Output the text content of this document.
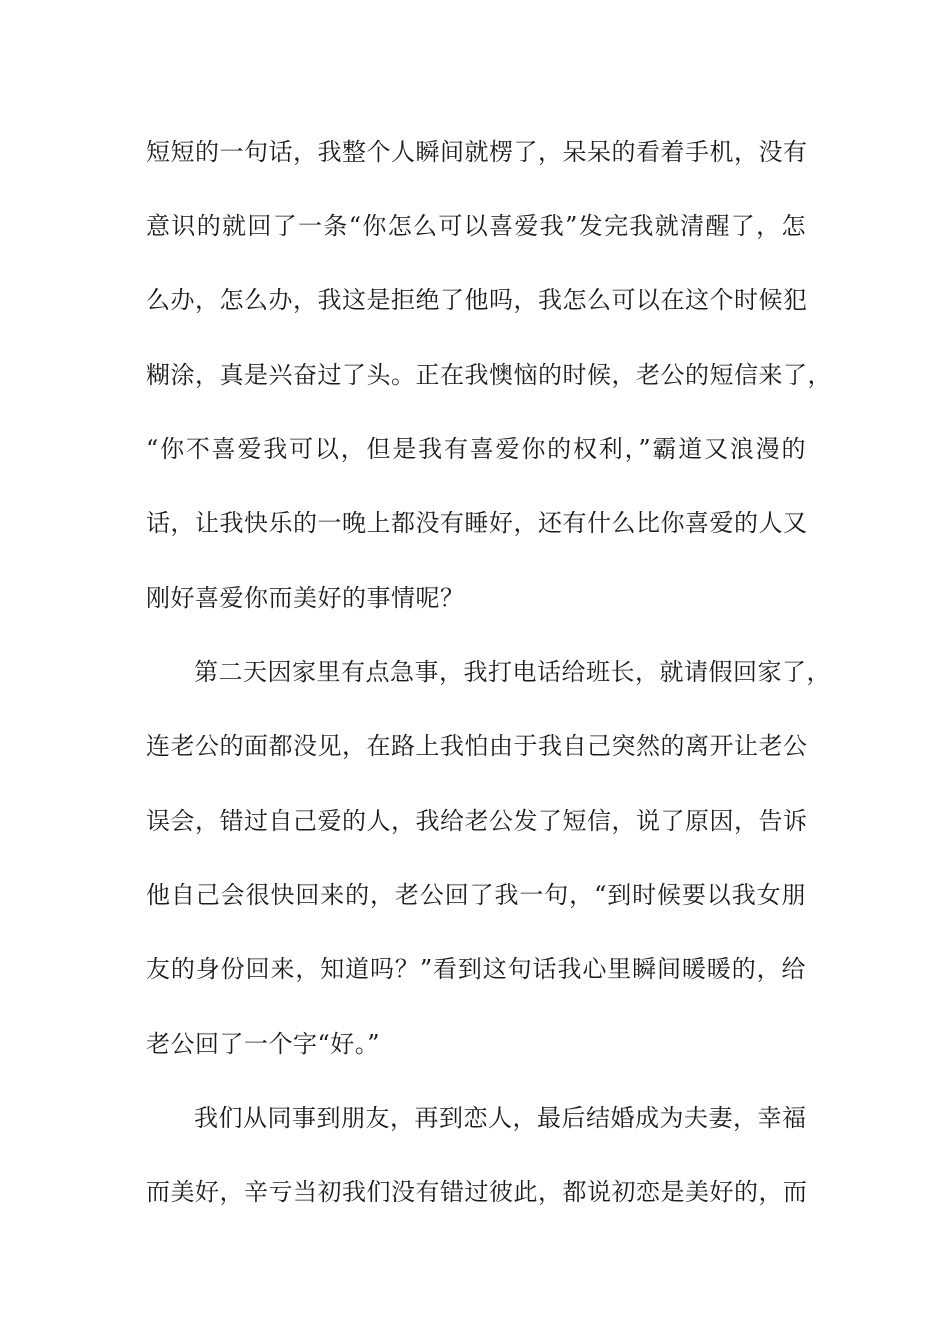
短短的一句话，我整个人瞬间就楞了，呆呆的看着手机，没有
意识的就回了一条“你怎么可以喜爱我”发完我就清醒了，怎
么办，怎么办，我这是拒绝了他吗，我怎么可以在这个时候犯
糊涂，真是兴奋过了头。正在我懊恼的时候，老公的短信来了，
“你不喜爱我可以，但是我有喜爱你的权利，”霸道又浪漫的
话，让我快乐的一晚上都没有睡好，还有什么比你喜爱的人又
刚好喜爱你而美好的事情呢？
第二天因家里有点急事，我打电话给班长，就请假回家了，
连老公的面都没见，在路上我怕由于我自己突然的离开让老公
误会，错过自己爱的人，我给老公发了短信，说了原因，告诉
他自己会很快回来的，老公回了我一句，“到时候要以我女朋
友的身份回来，知道吗？”看到这句话我心里瞬间暖暖的，给
老公回了一个字“好。”
我们从同事到朋友，再到恋人，最后结婚成为夫妻，幸福
而美好，辛亏当初我们没有错过彼此，都说初恋是美好的，而
